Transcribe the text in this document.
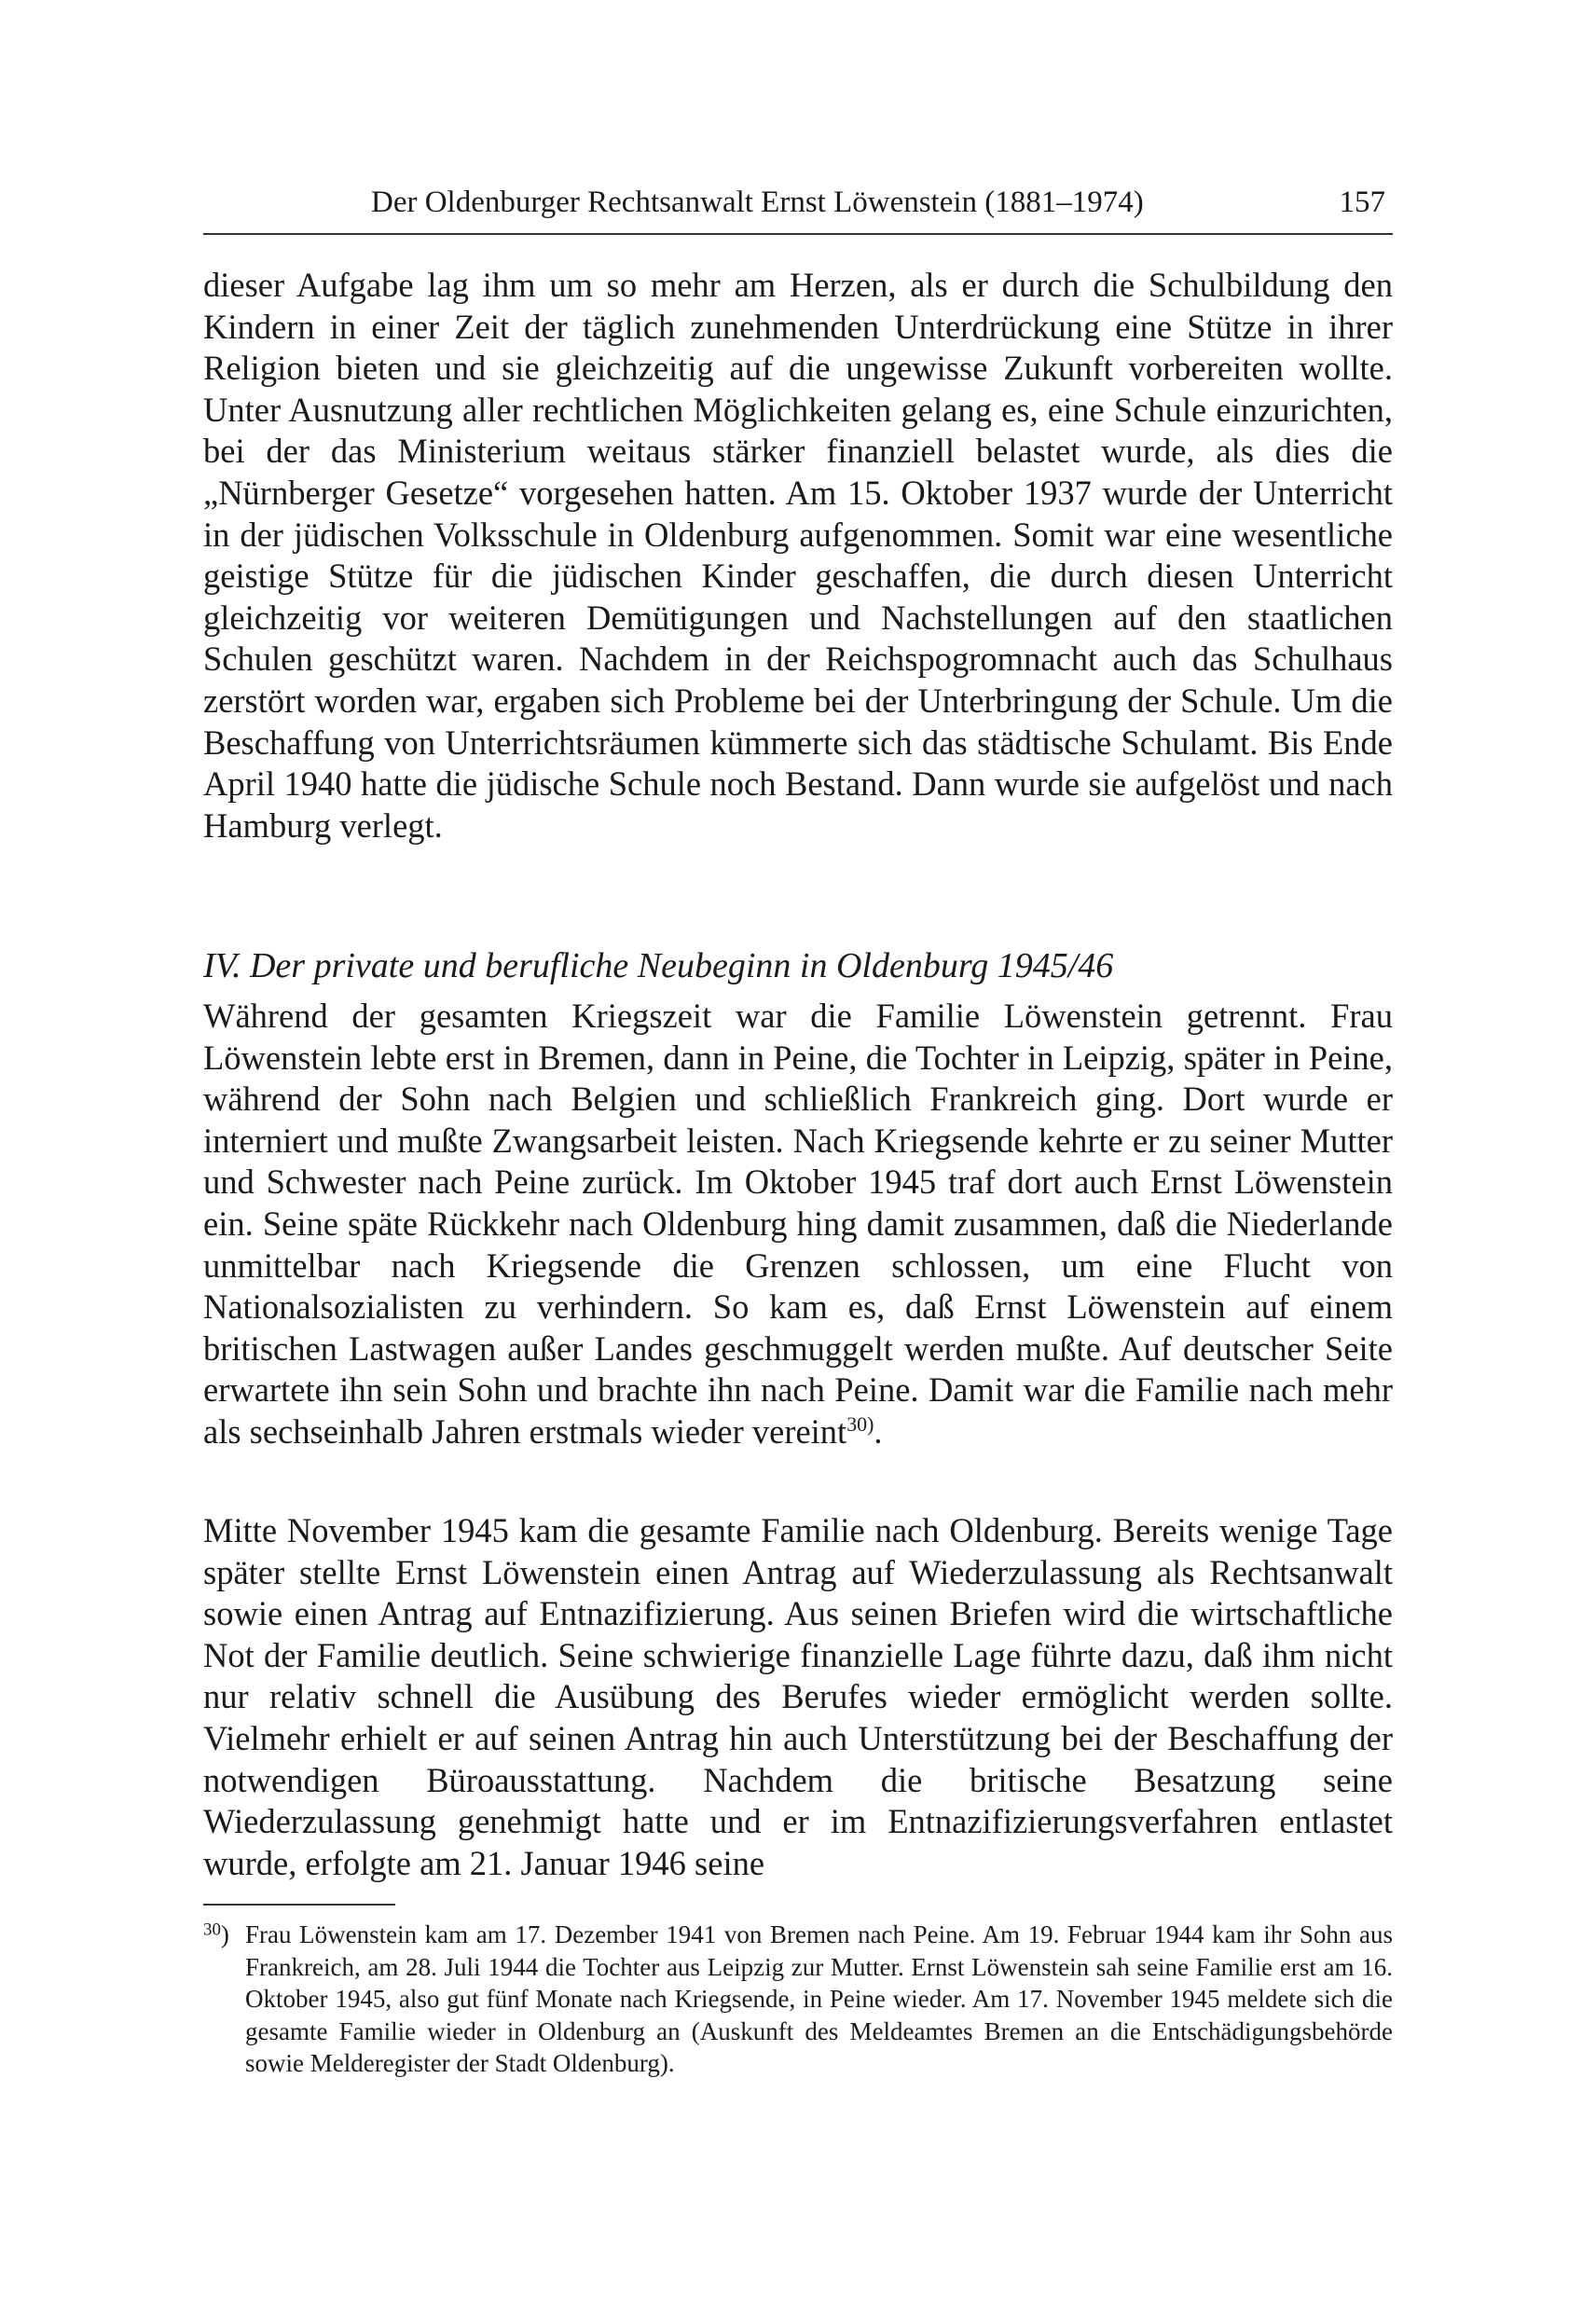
Der Oldenburger Rechtsanwalt Ernst Löwenstein (1881–1974)	157
dieser Aufgabe lag ihm um so mehr am Herzen, als er durch die Schulbildung den Kindern in einer Zeit der täglich zunehmenden Unterdrückung eine Stütze in ihrer Religion bieten und sie gleichzeitig auf die ungewisse Zukunft vorbereiten wollte. Unter Ausnutzung aller rechtlichen Möglichkeiten gelang es, eine Schule einzurichten, bei der das Ministerium weitaus stärker finanziell belastet wurde, als dies die „Nürnberger Gesetze“ vorgesehen hatten. Am 15. Oktober 1937 wurde der Unterricht in der jüdischen Volksschule in Oldenburg aufgenommen. Somit war eine wesentliche geistige Stütze für die jüdischen Kinder geschaffen, die durch diesen Unterricht gleichzeitig vor weiteren Demütigungen und Nachstellungen auf den staatlichen Schulen geschützt waren. Nachdem in der Reichspogromnacht auch das Schulhaus zerstört worden war, ergaben sich Probleme bei der Unterbringung der Schule. Um die Beschaffung von Unterrichtsräumen kümmerte sich das städtische Schulamt. Bis Ende April 1940 hatte die jüdische Schule noch Bestand. Dann wurde sie aufgelöst und nach Hamburg verlegt.
IV. Der private und berufliche Neubeginn in Oldenburg 1945/46
Während der gesamten Kriegszeit war die Familie Löwenstein getrennt. Frau Löwenstein lebte erst in Bremen, dann in Peine, die Tochter in Leipzig, später in Peine, während der Sohn nach Belgien und schließlich Frankreich ging. Dort wurde er interniert und mußte Zwangsarbeit leisten. Nach Kriegsende kehrte er zu seiner Mutter und Schwester nach Peine zurück. Im Oktober 1945 traf dort auch Ernst Löwenstein ein. Seine späte Rückkehr nach Oldenburg hing damit zusammen, daß die Niederlande unmittelbar nach Kriegsende die Grenzen schlossen, um eine Flucht von Nationalsozialisten zu verhindern. So kam es, daß Ernst Löwenstein auf einem britischen Lastwagen außer Landes geschmuggelt werden mußte. Auf deutscher Seite erwartete ihn sein Sohn und brachte ihn nach Peine. Damit war die Familie nach mehr als sechseinhalb Jahren erstmals wieder vereint$^{30)}$.
Mitte November 1945 kam die gesamte Familie nach Oldenburg. Bereits wenige Tage später stellte Ernst Löwenstein einen Antrag auf Wiederzulassung als Rechtsanwalt sowie einen Antrag auf Entnazifizierung. Aus seinen Briefen wird die wirtschaftliche Not der Familie deutlich. Seine schwierige finanzielle Lage führte dazu, daß ihm nicht nur relativ schnell die Ausübung des Berufes wieder ermöglicht werden sollte. Vielmehr erhielt er auf seinen Antrag hin auch Unterstützung bei der Beschaffung der notwendigen Büroausstattung. Nachdem die britische Besatzung seine Wiederzulassung genehmigt hatte und er im Entnazifizierungsverfahren entlastet wurde, erfolgte am 21. Januar 1946 seine
$^{30}$) Frau Löwenstein kam am 17. Dezember 1941 von Bremen nach Peine. Am 19. Februar 1944 kam ihr Sohn aus Frankreich, am 28. Juli 1944 die Tochter aus Leipzig zur Mutter. Ernst Löwenstein sah seine Familie erst am 16. Oktober 1945, also gut fünf Monate nach Kriegsende, in Peine wieder. Am 17. November 1945 meldete sich die gesamte Familie wieder in Oldenburg an (Auskunft des Meldeamtes Bremen an die Entschädigungsbehörde sowie Melderegister der Stadt Oldenburg).
